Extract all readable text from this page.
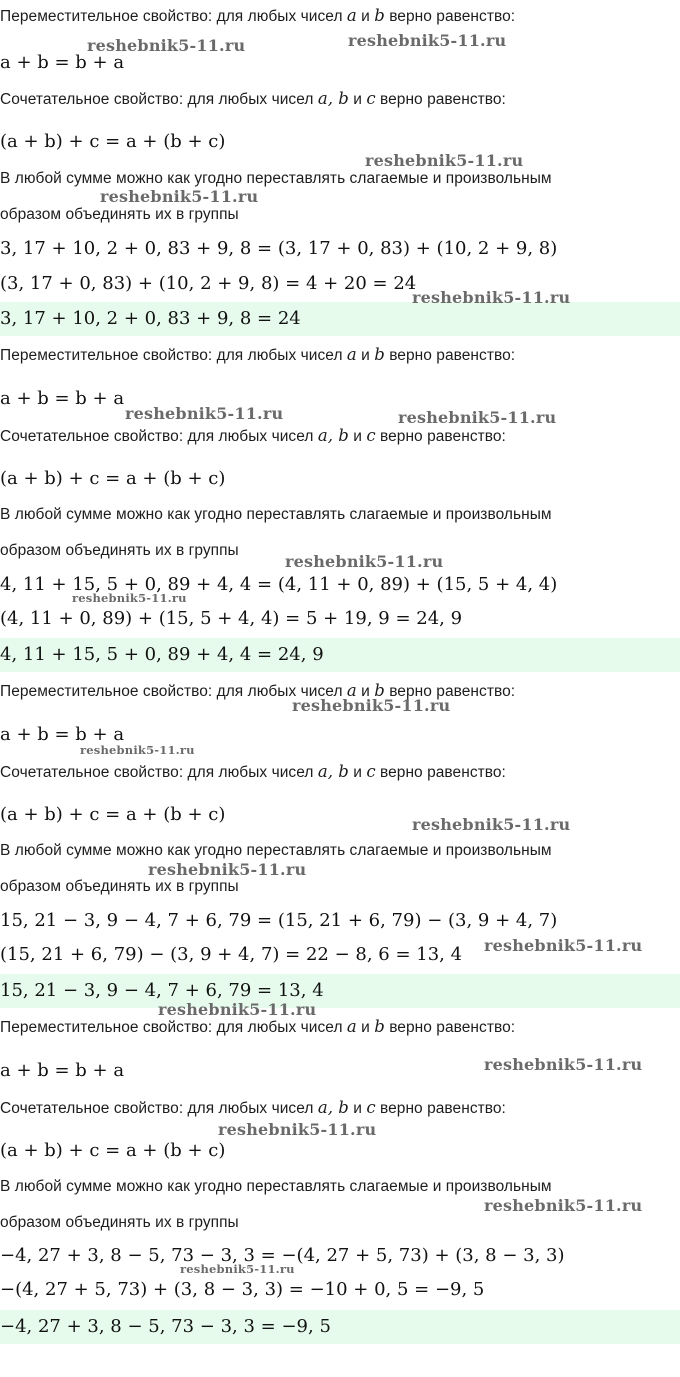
Переместительное свойство: для любых чисел a и b верно равенство:
a + b = b + a
Сочетательное свойство: для любых чисел a, b и c верно равенство:
(a + b) + c = a + (b + c)
В любой сумме можно как угодно переставлять слагаемые и произвольным
образом объединять их в группы
3, 17 + 10, 2 + 0, 83 + 9, 8 = (3, 17 + 0, 83) + (10, 2 + 9, 8)
(3, 17 + 0, 83) + (10, 2 + 9, 8) = 4 + 20 = 24
3, 17 + 10, 2 + 0, 83 + 9, 8 = 24
Переместительное свойство: для любых чисел a и b верно равенство:
a + b = b + a
Сочетательное свойство: для любых чисел a, b и c верно равенство:
(a + b) + c = a + (b + c)
В любой сумме можно как угодно переставлять слагаемые и произвольным
образом объединять их в группы
4, 11 + 15, 5 + 0, 89 + 4, 4 = (4, 11 + 0, 89) + (15, 5 + 4, 4)
(4, 11 + 0, 89) + (15, 5 + 4, 4) = 5 + 19, 9 = 24, 9
4, 11 + 15, 5 + 0, 89 + 4, 4 = 24, 9
Переместительное свойство: для любых чисел a и b верно равенство:
a + b = b + a
Сочетательное свойство: для любых чисел a, b и c верно равенство:
(a + b) + c = a + (b + c)
В любой сумме можно как угодно переставлять слагаемые и произвольным
образом объединять их в группы
15, 21 − 3, 9 − 4, 7 + 6, 79 = (15, 21 + 6, 79) − (3, 9 + 4, 7)
(15, 21 + 6, 79) − (3, 9 + 4, 7) = 22 − 8, 6 = 13, 4
15, 21 − 3, 9 − 4, 7 + 6, 79 = 13, 4
Переместительное свойство: для любых чисел a и b верно равенство:
a + b = b + a
Сочетательное свойство: для любых чисел a, b и c верно равенство:
(a + b) + c = a + (b + c)
В любой сумме можно как угодно переставлять слагаемые и произвольным
образом объединять их в группы
−4, 27 + 3, 8 − 5, 73 − 3, 3 = −(4, 27 + 5, 73) + (3, 8 − 3, 3)
−(4, 27 + 5, 73) + (3, 8 − 3, 3) = −10 + 0, 5 = −9, 5
−4, 27 + 3, 8 − 5, 73 − 3, 3 = −9, 5
reshebnik5-11.ru	reshebnik5-11.ru
reshebnik5-11.ru
reshebnik5-11.ru
reshebnik5-11.ru
reshebnik5-11.ru	reshebnik5-11.ru
reshebnik5-11.ru
reshebnik5-11.ru
reshebnik5-11.ru
reshebnik5-11.ru
reshebnik5-11.ru
reshebnik5-11.ru
reshebnik5-11.ru
reshebnik5-11.ru
reshebnik5-11.ru
reshebnik5-11.ru
reshebnik5-11.ru
reshebnik5-11.ru
